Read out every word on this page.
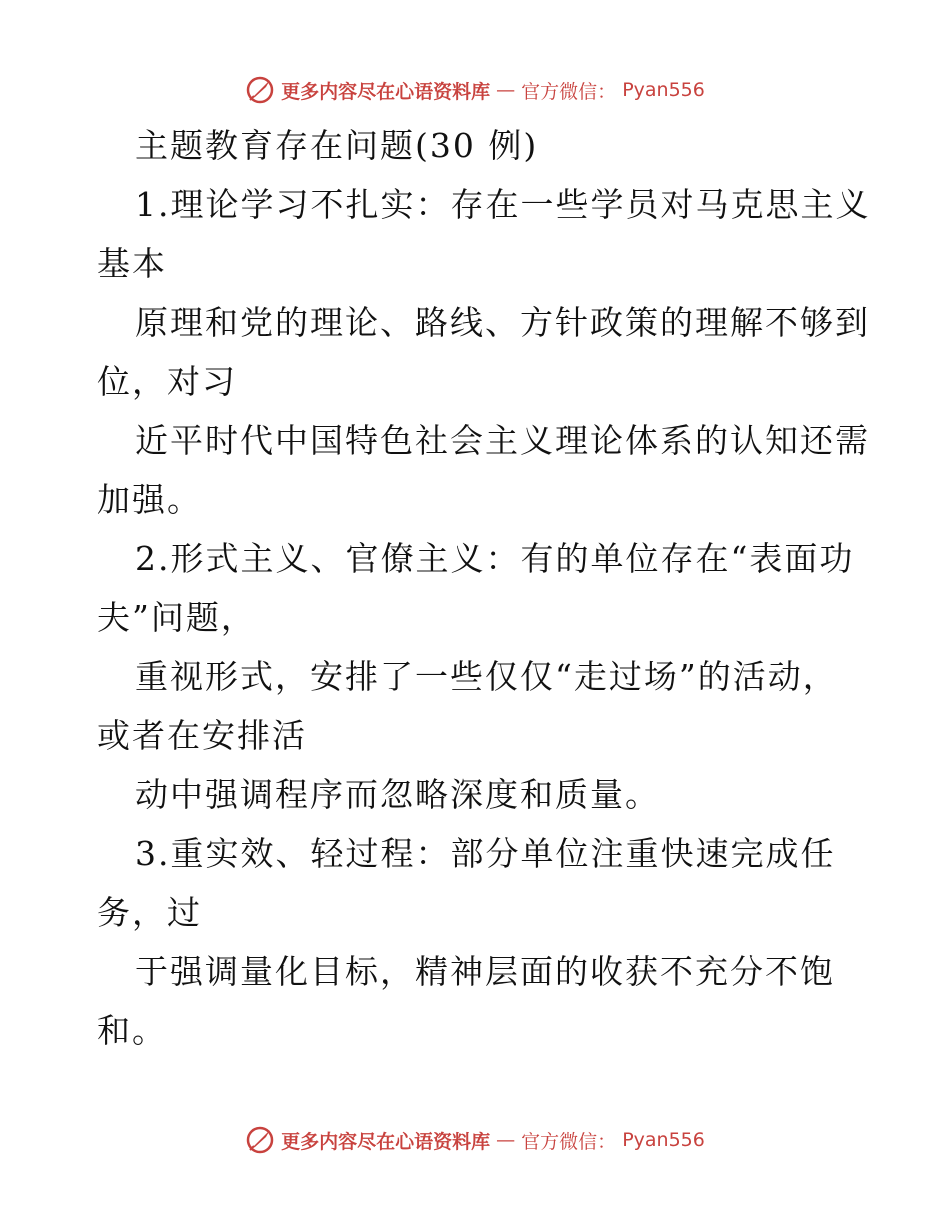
更多内容尽在心语资料库 — 官方微信： Pyan556
主题教育存在问题(30 例)
1.理论学习不扎实：存在一些学员对马克思主义
基本
原理和党的理论、路线、方针政策的理解不够到
位，对习
近平时代中国特色社会主义理论体系的认知还需
加强。
2.形式主义、官僚主义：有的单位存在“表面功
夫”问题，
重视形式，安排了一些仅仅“走过场”的活动，
或者在安排活
动中强调程序而忽略深度和质量。
3.重实效、轻过程：部分单位注重快速完成任
务，过
于强调量化目标，精神层面的收获不充分不饱
和。
更多内容尽在心语资料库 — 官方微信： Pyan556
